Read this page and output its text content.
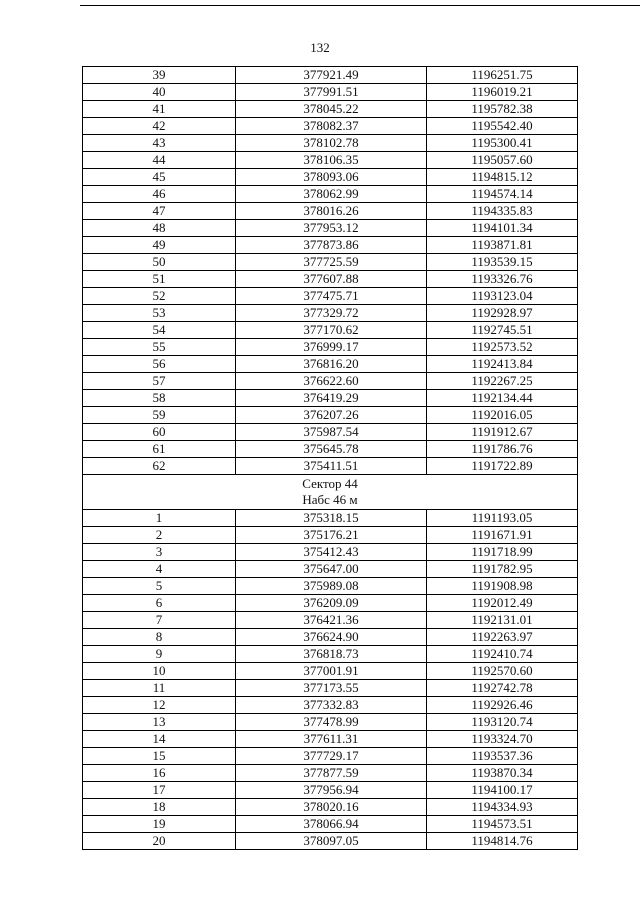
132
39	377921.49	1196251.75
40	377991.51	1196019.21
41	378045.22	1195782.38
42	378082.37	1195542.40
43	378102.78	1195300.41
44	378106.35	1195057.60
45	378093.06	1194815.12
46	378062.99	1194574.14
47	378016.26	1194335.83
48	377953.12	1194101.34
49	377873.86	1193871.81
50	377725.59	1193539.15
51	377607.88	1193326.76
52	377475.71	1193123.04
53	377329.72	1192928.97
54	377170.62	1192745.51
55	376999.17	1192573.52
56	376816.20	1192413.84
57	376622.60	1192267.25
58	376419.29	1192134.44
59	376207.26	1192016.05
60	375987.54	1191912.67
61	375645.78	1191786.76
62	375411.51	1191722.89

Сектор 44
Набс 46 м		

1	375318.15	1191193.05
2	375176.21	1191671.91
3	375412.43	1191718.99
4	375647.00	1191782.95
5	375989.08	1191908.98
6	376209.09	1192012.49
7	376421.36	1192131.01
8	376624.90	1192263.97
9	376818.73	1192410.74
10	377001.91	1192570.60
11	377173.55	1192742.78
12	377332.83	1192926.46
13	377478.99	1193120.74
14	377611.31	1193324.70
15	377729.17	1193537.36
16	377877.59	1193870.34
17	377956.94	1194100.17
18	378020.16	1194334.93
19	378066.94	1194573.51
20	378097.05	1194814.76
